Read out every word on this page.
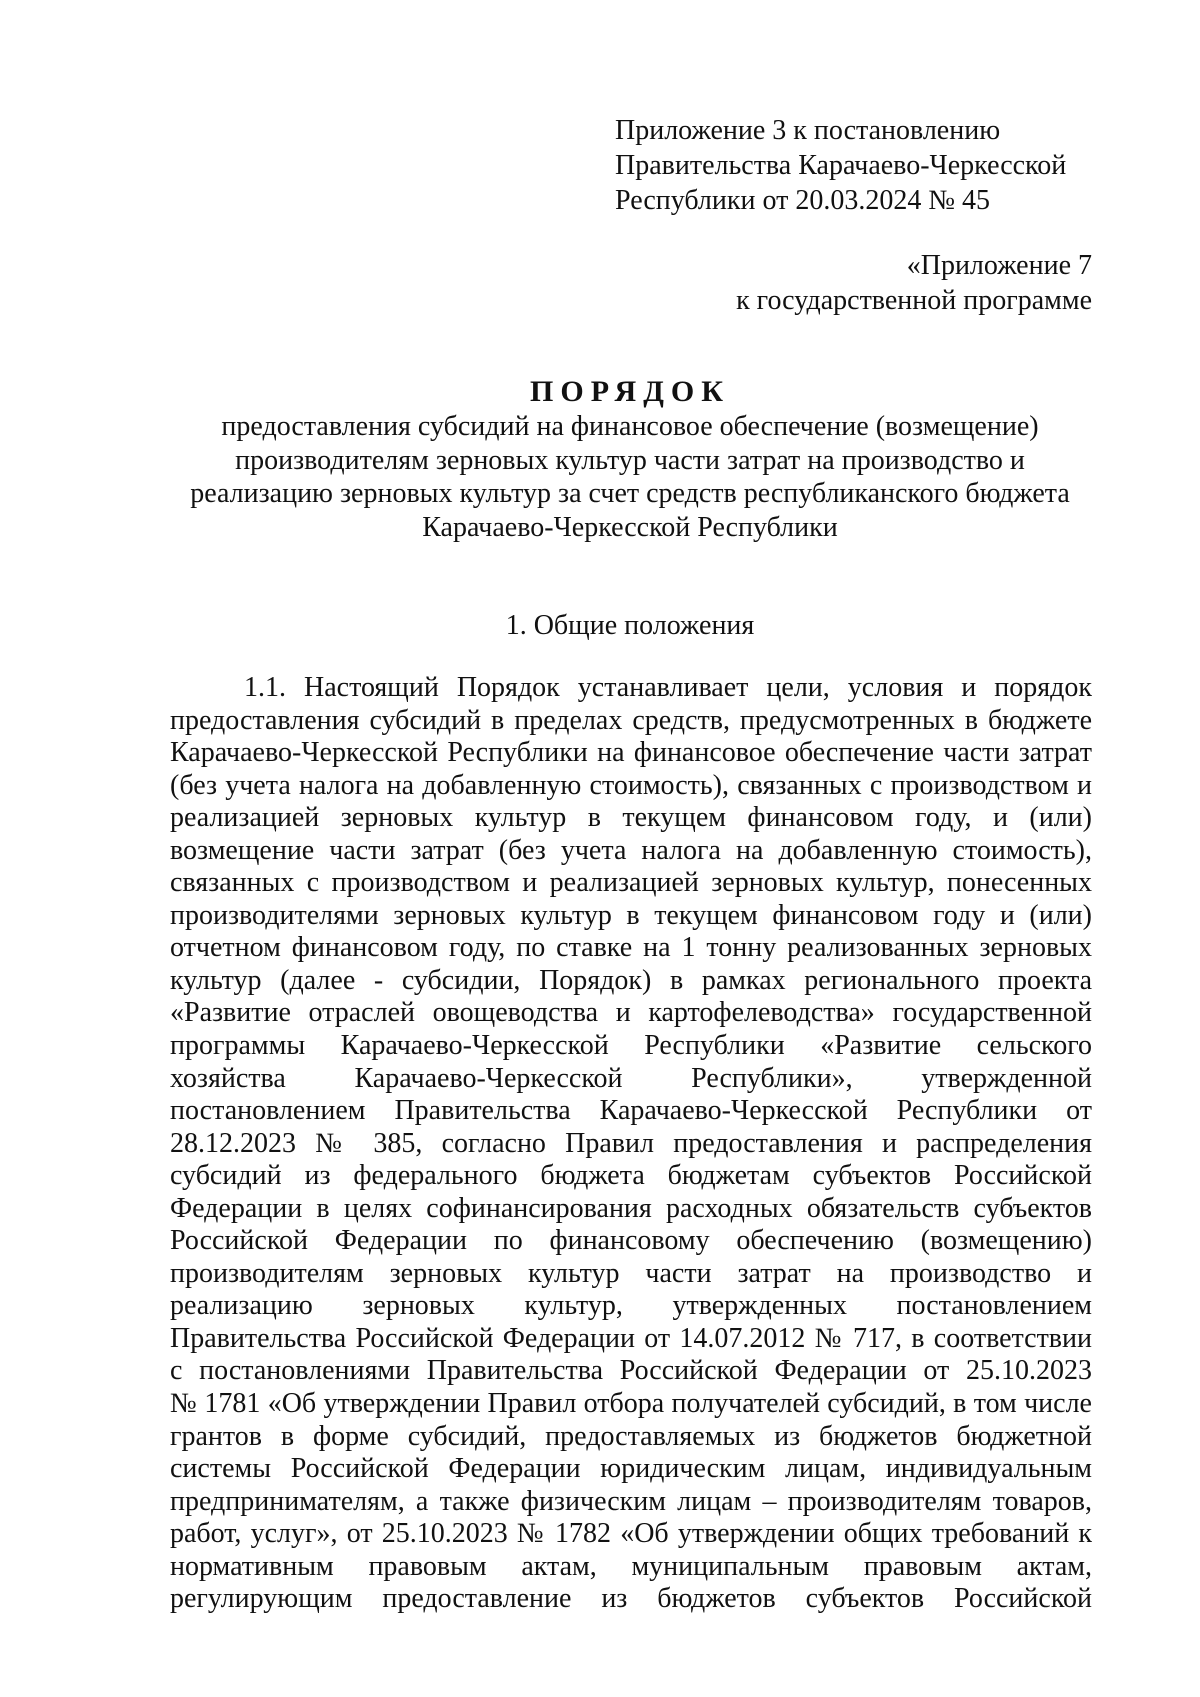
Приложение 3 к постановлению
Правительства Карачаево-Черкесской
Республики от 20.03.2024 № 45
«Приложение 7
к государственной программе
ПОРЯДОК
предоставления субсидий на финансовое обеспечение (возмещение)
производителям зерновых культур части затрат на производство и
реализацию зерновых культур за счет средств республиканского бюджета
Карачаево-Черкесской Республики
1. Общие положения
1.1. Настоящий Порядок устанавливает цели, условия и порядок
предоставления субсидий в пределах средств, предусмотренных в бюджете
Карачаево-Черкесской Республики на финансовое обеспечение части затрат
(без учета налога на добавленную стоимость), связанных с производством и
реализацией зерновых культур в текущем финансовом году, и (или)
возмещение части затрат (без учета налога на добавленную стоимость),
связанных с производством и реализацией зерновых культур, понесенных
производителями зерновых культур в текущем финансовом году и (или)
отчетном финансовом году, по ставке на 1 тонну реализованных зерновых
культур (далее - субсидии, Порядок) в рамках регионального проекта
«Развитие отраслей овощеводства и картофелеводства» государственной
программы Карачаево-Черкесской Республики «Развитие сельского
хозяйства Карачаево-Черкесской Республики», утвержденной
постановлением Правительства Карачаево-Черкесской Республики от
28.12.2023 № 385, согласно Правил предоставления и распределения
субсидий из федерального бюджета бюджетам субъектов Российской
Федерации в целях софинансирования расходных обязательств субъектов
Российской Федерации по финансовому обеспечению (возмещению)
производителям зерновых культур части затрат на производство и
реализацию зерновых культур, утвержденных постановлением
Правительства Российской Федерации от 14.07.2012 № 717, в соответствии
с постановлениями Правительства Российской Федерации от 25.10.2023
№ 1781 «Об утверждении Правил отбора получателей субсидий, в том числе
грантов в форме субсидий, предоставляемых из бюджетов бюджетной
системы Российской Федерации юридическим лицам, индивидуальным
предпринимателям, а также физическим лицам – производителям товаров,
работ, услуг», от 25.10.2023 № 1782 «Об утверждении общих требований к
нормативным правовым актам, муниципальным правовым актам,
регулирующим предоставление из бюджетов субъектов Российской
